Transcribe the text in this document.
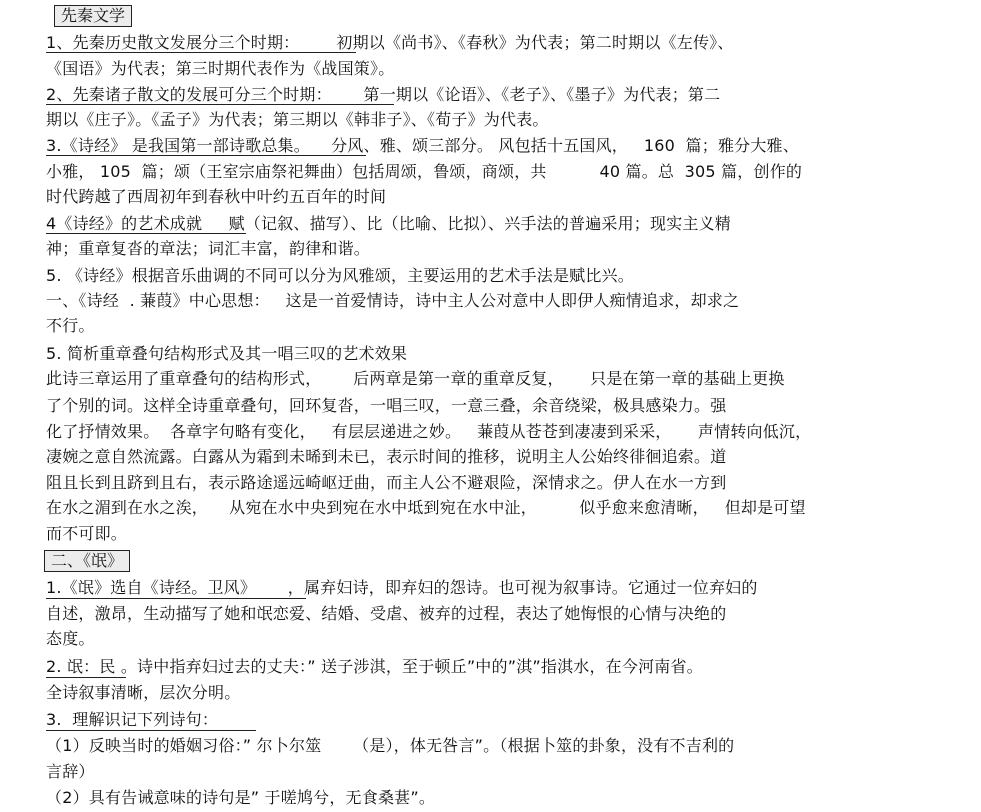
先秦文学
1、先秦历史散文发展分三个时期：       初期以《尚书》、《春秋》为代表；第二时期以《左传》、
《国语》为代表；第三时期代表作为《战国策》。
2、先秦诸子散文的发展可分三个时期：      第一期以《论语》、《老子》、《墨子》为代表；第二
期以《庄子》。《孟子》为代表；第三期以《韩非子》、《荀子》为代表。
3.《诗经》 是我国第一部诗歌总集。    分风、雅、颂三部分。 风包括十五国风，   160  篇；雅分大雅、
小雅， 105  篇；颂（王室宗庙祭祀舞曲）包括周颂，鲁颂，商颂，共          40 篇。总  305 篇，创作的
时代跨越了西周初年到春秋中叶约五百年的时间
4《诗经》的艺术成就     赋（记叙、描写）、比（比喻、比拟）、兴手法的普遍采用；现实主义精
神；重章复沓的章法；词汇丰富，韵律和谐。
5. 《诗经》根据音乐曲调的不同可以分为风雅颂，主要运用的艺术手法是赋比兴。
一、《诗经  . 蒹葭》中心思想：   这是一首爱情诗，诗中主人公对意中人即伊人痴情追求，却求之
不行。
5. 简析重章叠句结构形式及其一唱三叹的艺术效果
此诗三章运用了重章叠句的结构形式，      后两章是第一章的重章反复，     只是在第一章的基础上更换
了个别的词。这样全诗重章叠句，回环复沓，一唱三叹，一意三叠，余音绕梁，极具感染力。强
化了抒情效果。  各章字句略有变化，   有层层递进之妙。   蒹葭从苍苍到凄凄到采采，     声情转向低沉，
凄婉之意自然流露。白露从为霜到未晞到未已，表示时间的推移，说明主人公始终徘徊追索。道
阻且长到且跻到且右，表示路途遥远崎岖迂曲，而主人公不避艰险，深情求之。伊人在水一方到
在水之湄到在水之涘，    从宛在水中央到宛在水中坻到宛在水中沚，        似乎愈来愈清晰，   但却是可望
而不可即。
二、《氓》
1.《氓》选自《诗经。卫风》      ，属弃妇诗，即弃妇的怨诗。也可视为叙事诗。它通过一位弃妇的
自述，激昂，生动描写了她和氓恋爱、结婚、受虐、被弃的过程，表达了她悔恨的心情与决绝的
态度。
2. 氓：民 。诗中指弃妇过去的丈夫：” 送子涉淇，至于顿丘”中的”淇”指淇水，在今河南省。
全诗叙事清晰，层次分明。
3.  理解识记下列诗句：
（1）反映当时的婚姻习俗：” 尔卜尔筮      （是），体无咎言”。（根据卜筮的卦象，没有不吉利的
言辞）
（2）具有告诫意味的诗句是” 于嗟鸠兮，无食桑葚”。
